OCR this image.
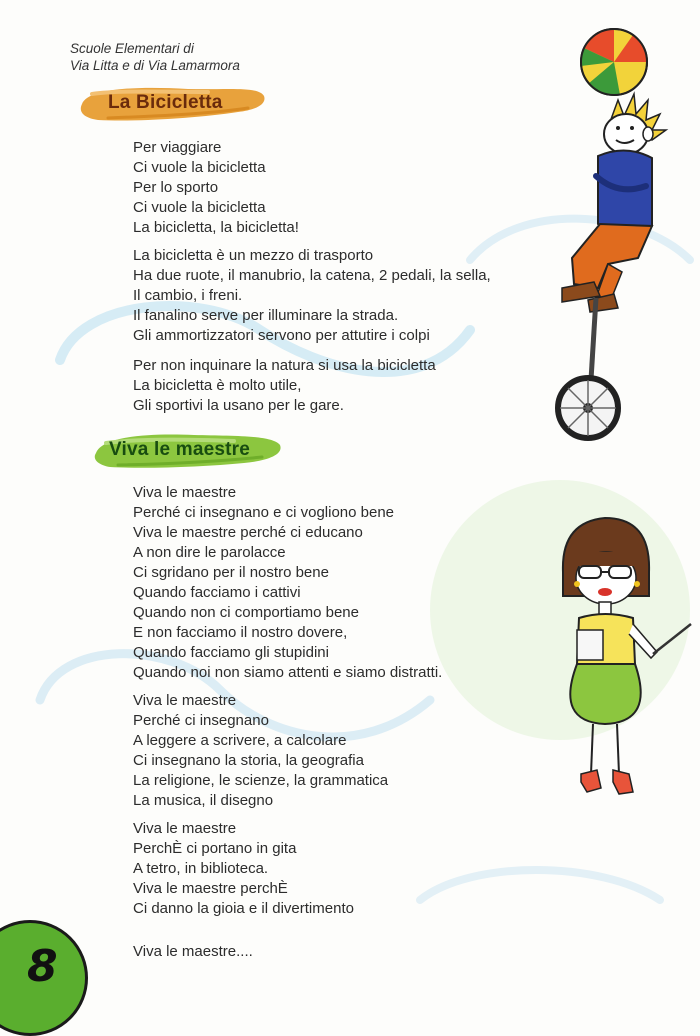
Scuole Elementari di
Via Litta e di Via Lamarmora
La Bicicletta
Per viaggiare
Ci vuole la bicicletta
Per lo sporto
Ci vuole la bicicletta
La bicicletta, la bicicletta!
La bicicletta è un mezzo di trasporto
Ha due ruote, il manubrio, la catena, 2 pedali, la sella,
Il cambio, i freni.
Il fanalino serve per illuminare la strada.
Gli ammortizzatori servono per attutire i colpi
Per non inquinare la natura si usa la bicicletta
La bicicletta è molto utile,
Gli sportivi la usano per le gare.
Viva le maestre
Viva le maestre
Perché ci insegnano e ci vogliono bene
Viva le maestre perché ci educano
A non dire le parolacce
Ci sgridano per il nostro bene
Quando facciamo i cattivi
Quando non ci comportiamo bene
E non facciamo il nostro dovere,
Quando facciamo gli stupidini
Quando noi non siamo attenti e siamo distratti.
Viva le maestre
Perché ci insegnano
A leggere a scrivere, a calcolare
Ci insegnano la storia, la geografia
La religione, le scienze, la grammatica
La musica, il disegno
Viva le maestre
PerchÈ ci portano in gita
A tetro, in biblioteca.
Viva le maestre perchÈ
Ci danno la gioia e il divertimento
Viva le maestre....
8
